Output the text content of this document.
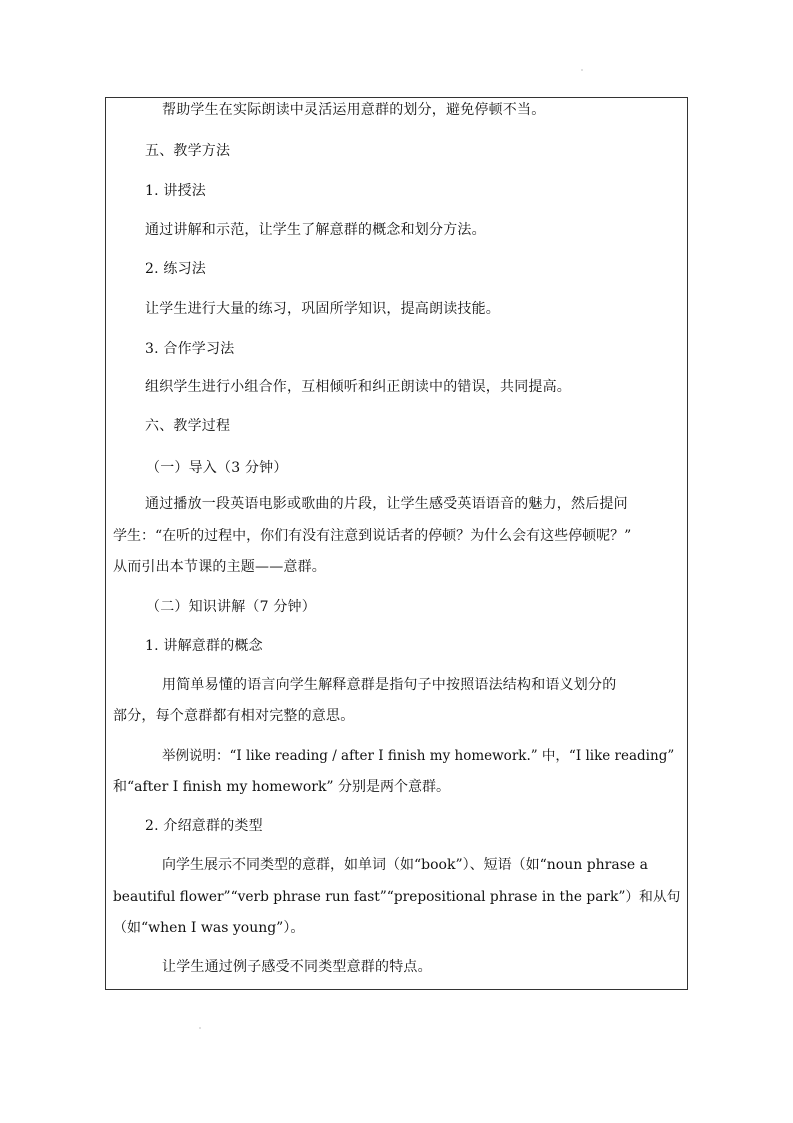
帮助学生在实际朗读中灵活运用意群的划分，避免停顿不当。
五、教学方法
1. 讲授法
通过讲解和示范，让学生了解意群的概念和划分方法。
2. 练习法
让学生进行大量的练习，巩固所学知识，提高朗读技能。
3. 合作学习法
组织学生进行小组合作，互相倾听和纠正朗读中的错误，共同提高。
六、教学过程
（一）导入（3 分钟）
通过播放一段英语电影或歌曲的片段，让学生感受英语语音的魅力，然后提问
学生：“在听的过程中，你们有没有注意到说话者的停顿？为什么会有这些停顿呢？”
从而引出本节课的主题——意群。
（二）知识讲解（7 分钟）
1. 讲解意群的概念
用简单易懂的语言向学生解释意群是指句子中按照语法结构和语义划分的
部分，每个意群都有相对完整的意思。
举例说明：“I like reading / after I finish my homework.” 中，“I like reading”
和“after I finish my homework” 分别是两个意群。
2. 介绍意群的类型
向学生展示不同类型的意群，如单词（如“book”）、短语（如“noun phrase a
beautiful flower”“verb phrase run fast”“prepositional phrase in the park”）和从句
（如“when I was young”）。
让学生通过例子感受不同类型意群的特点。
